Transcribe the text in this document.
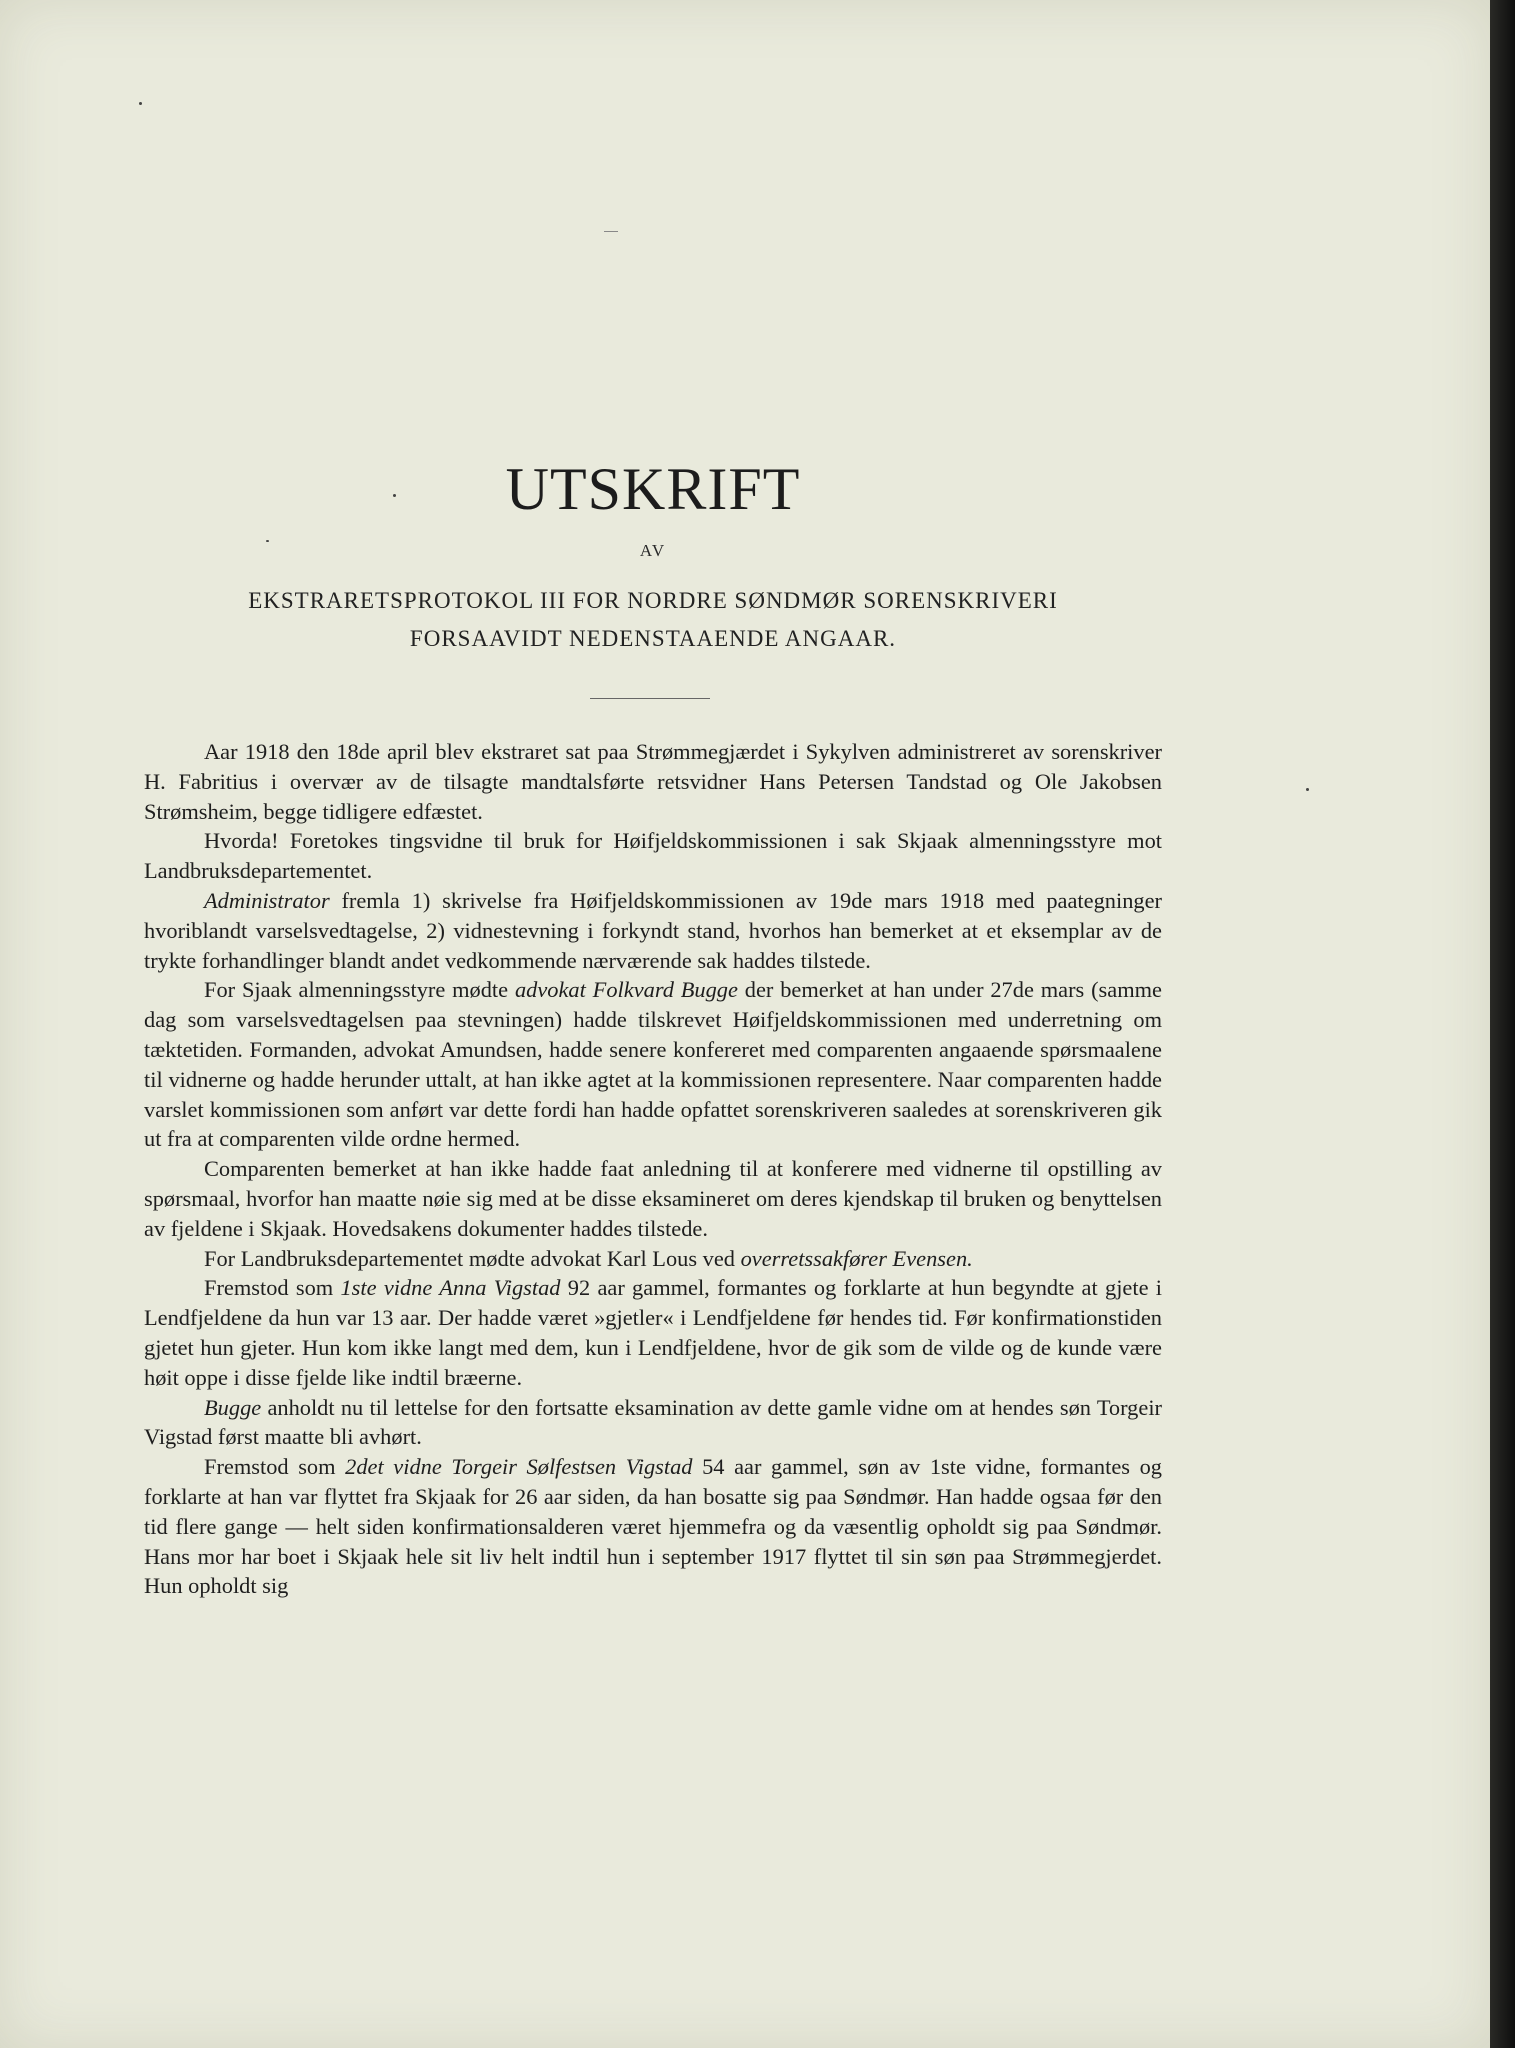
UTSKRIFT
AV
EKSTRARETSPROTOKOL III FOR NORDRE SØNDMØR SORENSKRIVERI
FORSAAVIDT NEDENSTAAENDE ANGAAR.

Aar 1918 den 18de april blev ekstraret sat paa Strømmegjærdet i Sykylven administreret av sorenskriver H. Fabritius i overvær av de tilsagte mandtalsførte retsvidner Hans Petersen Tandstad og Ole Jakobsen Strømsheim, begge tidligere edfæstet.

Hvorda! Foretokes tingsvidne til bruk for Høifjeldskommissionen i sak Skjaak almenningsstyre mot Landbruksdepartementet.

Administrator fremla 1) skrivelse fra Høifjeldskommissionen av 19de mars 1918 med paategninger hvoriblandt varselsvedtagelse, 2) vidnestevning i forkyndt stand, hvorhos han bemerket at et eksemplar av de trykte forhandlinger blandt andet vedkommende nærværende sak haddes tilstede.

For Sjaak almenningsstyre mødte advokat Folkvard Bugge der bemerket at han under 27de mars (samme dag som varselsvedtagelsen paa stevningen) hadde tilskrevet Høifjeldskommissionen med underretning om tæktetiden. Formanden, advokat Amundsen, hadde senere konfereret med comparenten angaaende spørsmaalene til vidnerne og hadde herunder uttalt, at han ikke agtet at la kommissionen representere. Naar comparenten hadde varslet kommissionen som anført var dette fordi han hadde opfattet sorenskriveren saaledes at sorenskriveren gik ut fra at comparenten vilde ordne hermed.

Comparenten bemerket at han ikke hadde faat anledning til at konferere med vidnerne til opstilling av spørsmaal, hvorfor han maatte nøie sig med at be disse eksamineret om deres kjendskap til bruken og benyttelsen av fjeldene i Skjaak. Hovedsakens dokumenter haddes tilstede.

For Landbruksdepartementet mødte advokat Karl Lous ved overretssakfører Evensen.

Fremstod som 1ste vidne Anna Vigstad 92 aar gammel, formantes og forklarte at hun begyndte at gjete i Lendfjeldene da hun var 13 aar. Der hadde været »gjetler« i Lendfjeldene før hendes tid. Før konfirmationstiden gjetet hun gjeter. Hun kom ikke langt med dem, kun i Lendfjeldene, hvor de gik som de vilde og de kunde være høit oppe i disse fjelde like indtil bræerne.

Bugge anholdt nu til lettelse for den fortsatte eksamination av dette gamle vidne om at hendes søn Torgeir Vigstad først maatte bli avhørt.

Fremstod som 2det vidne Torgeir Sølfestsen Vigstad 54 aar gammel, søn av 1ste vidne, formantes og forklarte at han var flyttet fra Skjaak for 26 aar siden, da han bosatte sig paa Søndmør. Han hadde ogsaa før den tid flere gange — helt siden konfirmationsalderen været hjemmefra og da væsentlig opholdt sig paa Søndmør. Hans mor har boet i Skjaak hele sit liv helt indtil hun i september 1917 flyttet til sin søn paa Strømmegjerdet. Hun opholdt sig
